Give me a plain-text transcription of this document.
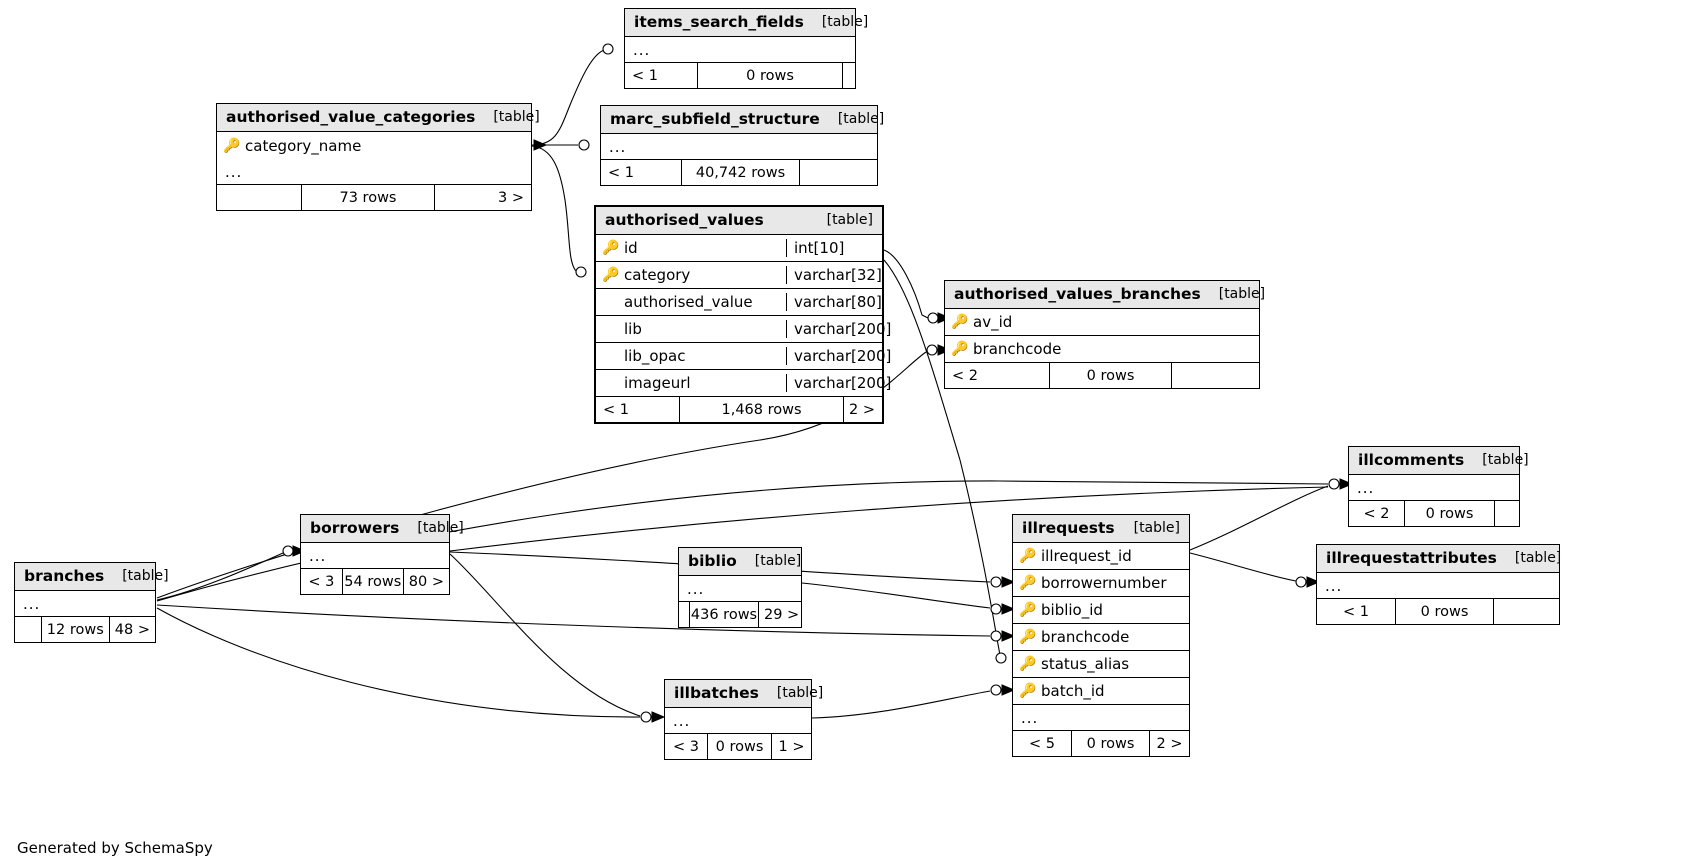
items_search_fields [table]
...
< 1	0 rows
authorised_value_categories [table]
🔑 category_name
...
73 rows	3 >
marc_subfield_structure [table]
...
< 1	40,742 rows
authorised_values	[table]
🔑 id	int[10]
🔑 category	varchar[32]
authorised_value	varchar[80]
lib	varchar[200]
lib_opac	varchar[200]
imageurl	varchar[200]
< 1	1,468 rows	2 >
authorised_values_branches [table]
🔑 av_id
🔑 branchcode
< 2	0 rows
illcomments [table]
...
< 2	0 rows
borrowers [table]
...
< 3 54 rows 80 >
illrequests [table]
🔑 illrequest_id
🔑 borrowernumber
🔑 biblio_id
🔑 branchcode
🔑 status_alias
🔑 batch_id
...
< 5	0 rows	2 >
illrequestattributes [table]
...
< 1	0 rows
biblio [table]
...
436 rows 29 >
branches [table]
...
12 rows 48 >
illbatches [table]
...
< 3	0 rows	1 >
Generated by SchemaSpy
